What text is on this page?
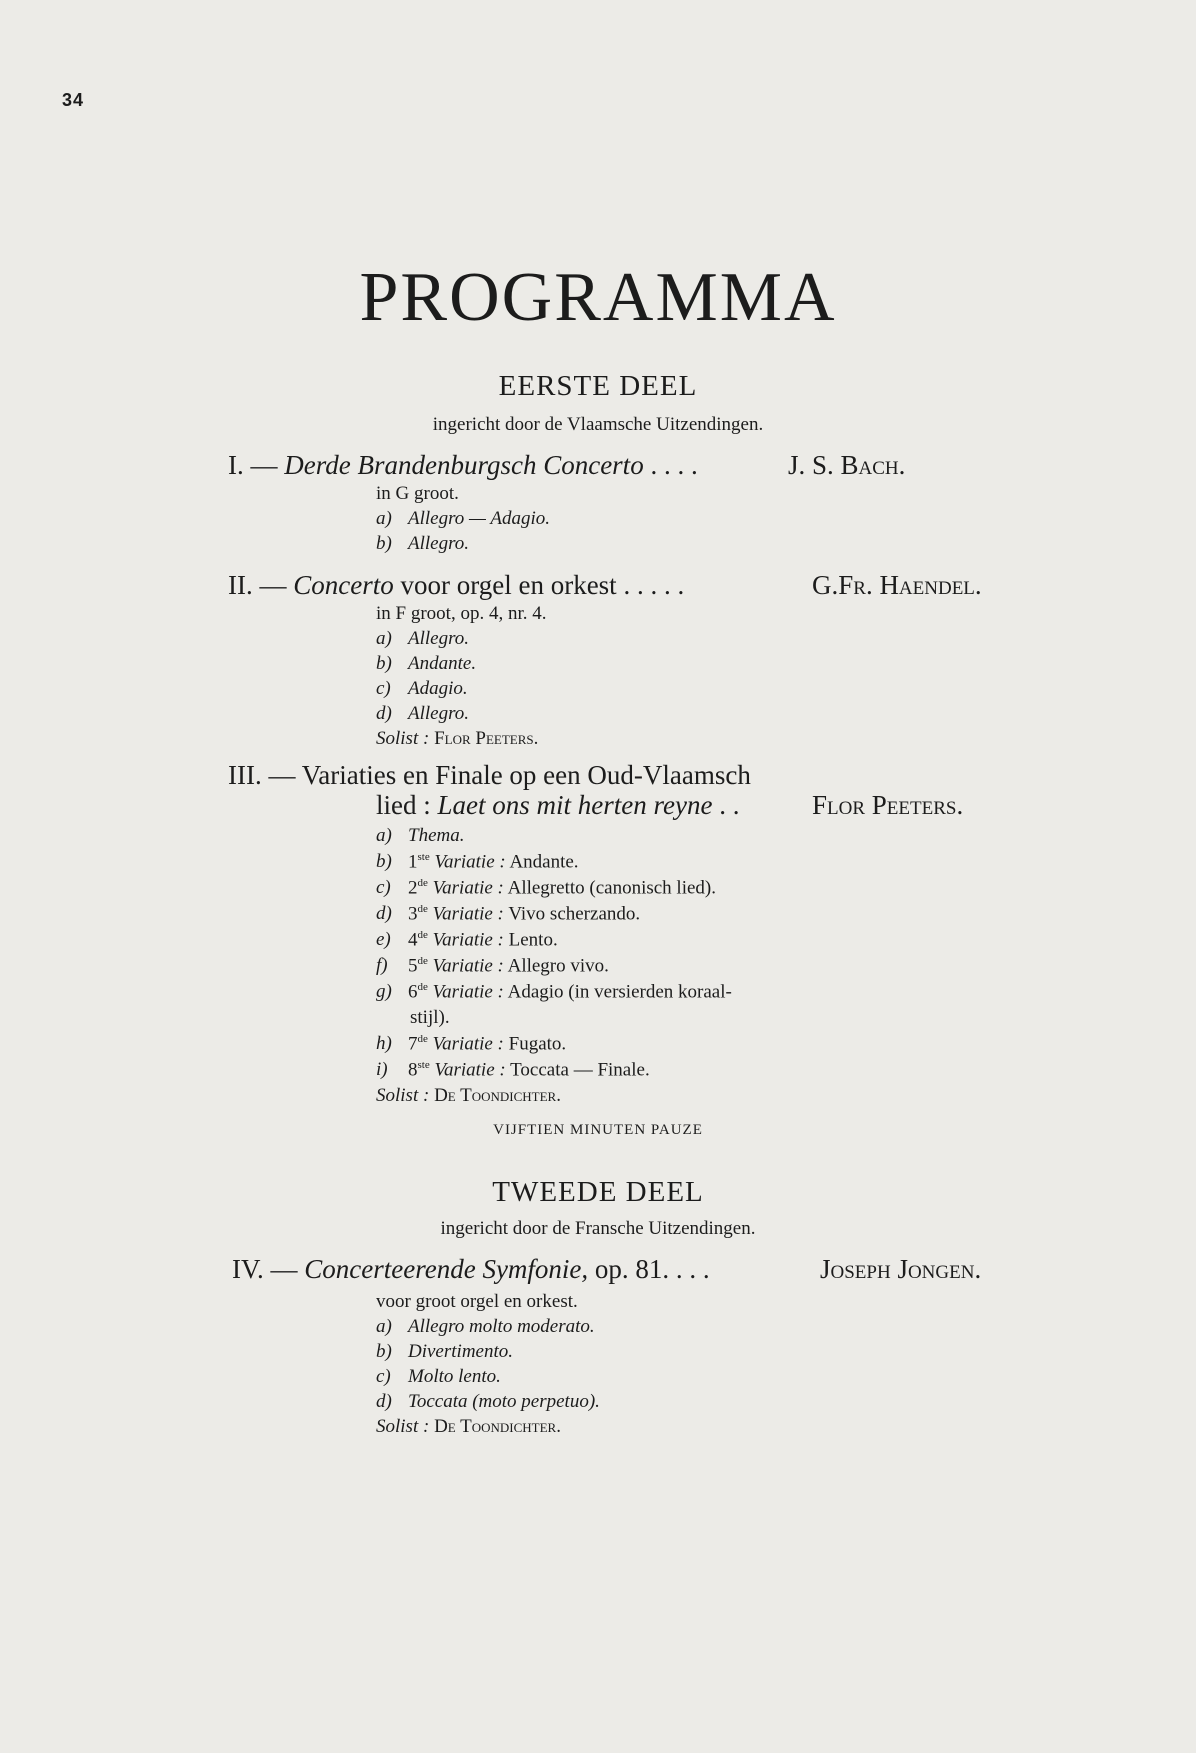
34
PROGRAMMA
EERSTE DEEL
ingericht door de Vlaamsche Uitzendingen.
I. — Derde Brandenburgsch Concerto . . . .	J. S. Bach.
in G groot.
a) Allegro — Adagio.
b) Allegro.
II. — Concerto voor orgel en orkest . . . . .	G.Fr. Haendel.
in F groot, op. 4, nr. 4.
a) Allegro.
b) Andante.
c) Adagio.
d) Allegro.
Solist : Flor Peeters.
III. — Variaties en Finale op een Oud-Vlaamsch
lied : Laet ons mit herten reyne . .	Flor Peeters.
a) Thema.
b) 1ste Variatie : Andante.
c) 2de Variatie : Allegretto (canonisch lied).
d) 3de Variatie : Vivo scherzando.
e) 4de Variatie : Lento.
f) 5de Variatie : Allegro vivo.
g) 6de Variatie : Adagio (in versierden koraal-
stijl).
h) 7de Variatie : Fugato.
i) 8ste Variatie : Toccata — Finale.
Solist : De Toondichter.
VIJFTIEN MINUTEN PAUZE
TWEEDE DEEL
ingericht door de Fransche Uitzendingen.
IV. — Concerteerende Symfonie, op. 81. . . .	Joseph Jongen.
voor groot orgel en orkest.
a) Allegro molto moderato.
b) Divertimento.
c) Molto lento.
d) Toccata (moto perpetuo).
Solist : De Toondichter.
